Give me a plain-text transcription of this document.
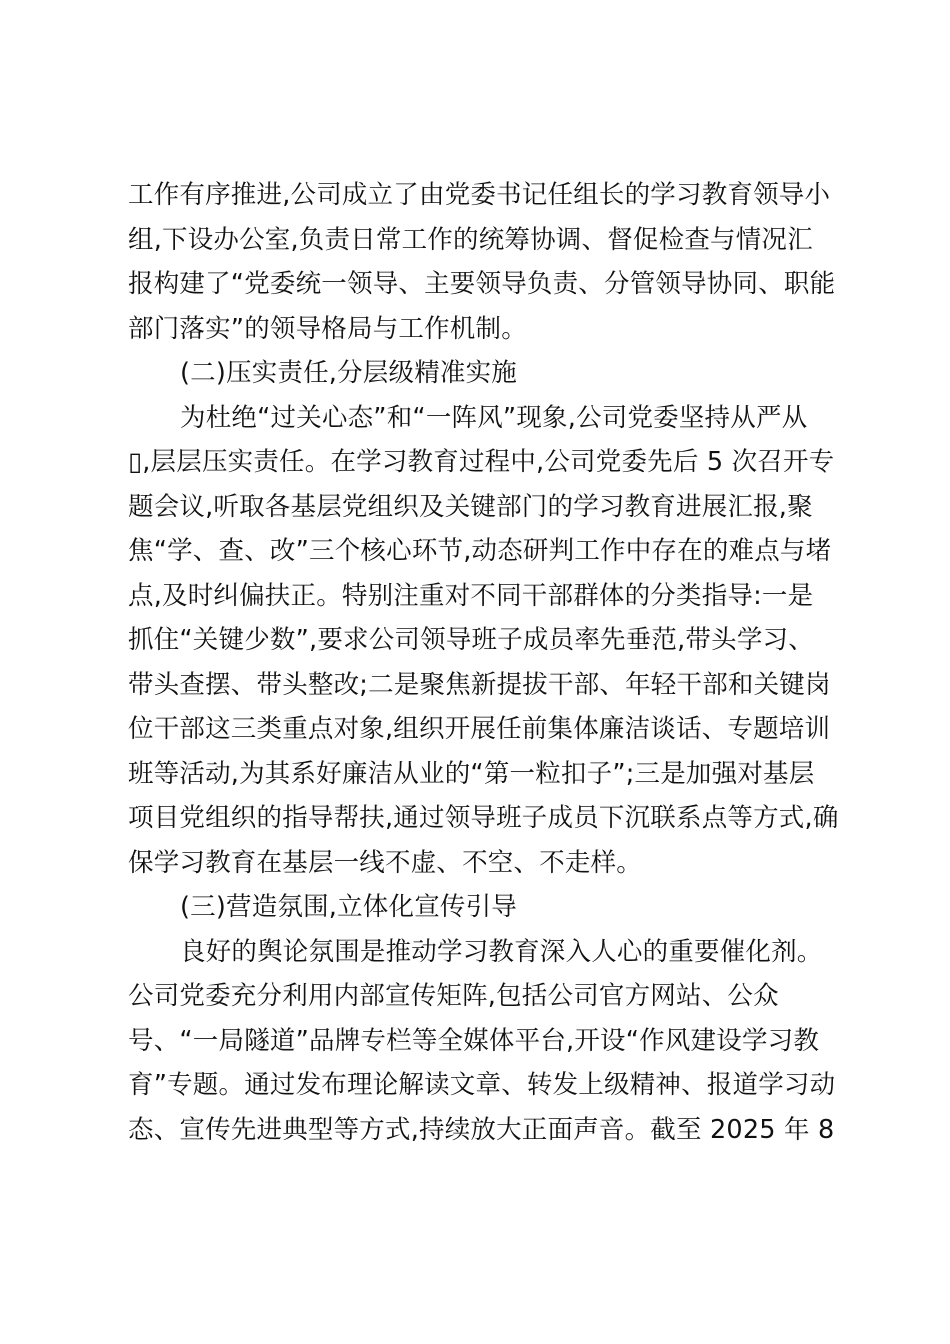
工作有序推进,公司成立了由党委书记任组长的学习教育领导小
组,下设办公室,负责日常工作的统筹协调、督促检查与情况汇
报构建了“党委统一领导、主要领导负责、分管领导协同、职能
部门落实”的领导格局与工作机制。
(二)压实责任,分层级精准实施
为杜绝“过关心态”和“一阵风”现象,公司党委坚持从严从
▯,层层压实责任。在学习教育过程中,公司党委先后 5 次召开专
题会议,听取各基层党组织及关键部门的学习教育进展汇报,聚
焦“学、查、改”三个核心环节,动态研判工作中存在的难点与堵
点,及时纠偏扶正。特别注重对不同干部群体的分类指导:一是
抓住“关键少数”,要求公司领导班子成员率先垂范,带头学习、
带头查摆、带头整改;二是聚焦新提拔干部、年轻干部和关键岗
位干部这三类重点对象,组织开展任前集体廉洁谈话、专题培训
班等活动,为其系好廉洁从业的“第一粒扣子”;三是加强对基层
项目党组织的指导帮扶,通过领导班子成员下沉联系点等方式,确
保学习教育在基层一线不虚、不空、不走样。
(三)营造氛围,立体化宣传引导
良好的舆论氛围是推动学习教育深入人心的重要催化剂。
公司党委充分利用内部宣传矩阵,包括公司官方网站、公众
号、“一局隧道”品牌专栏等全媒体平台,开设“作风建设学习教
育”专题。通过发布理论解读文章、转发上级精神、报道学习动
态、宣传先进典型等方式,持续放大正面声音。截至 2025 年 8
